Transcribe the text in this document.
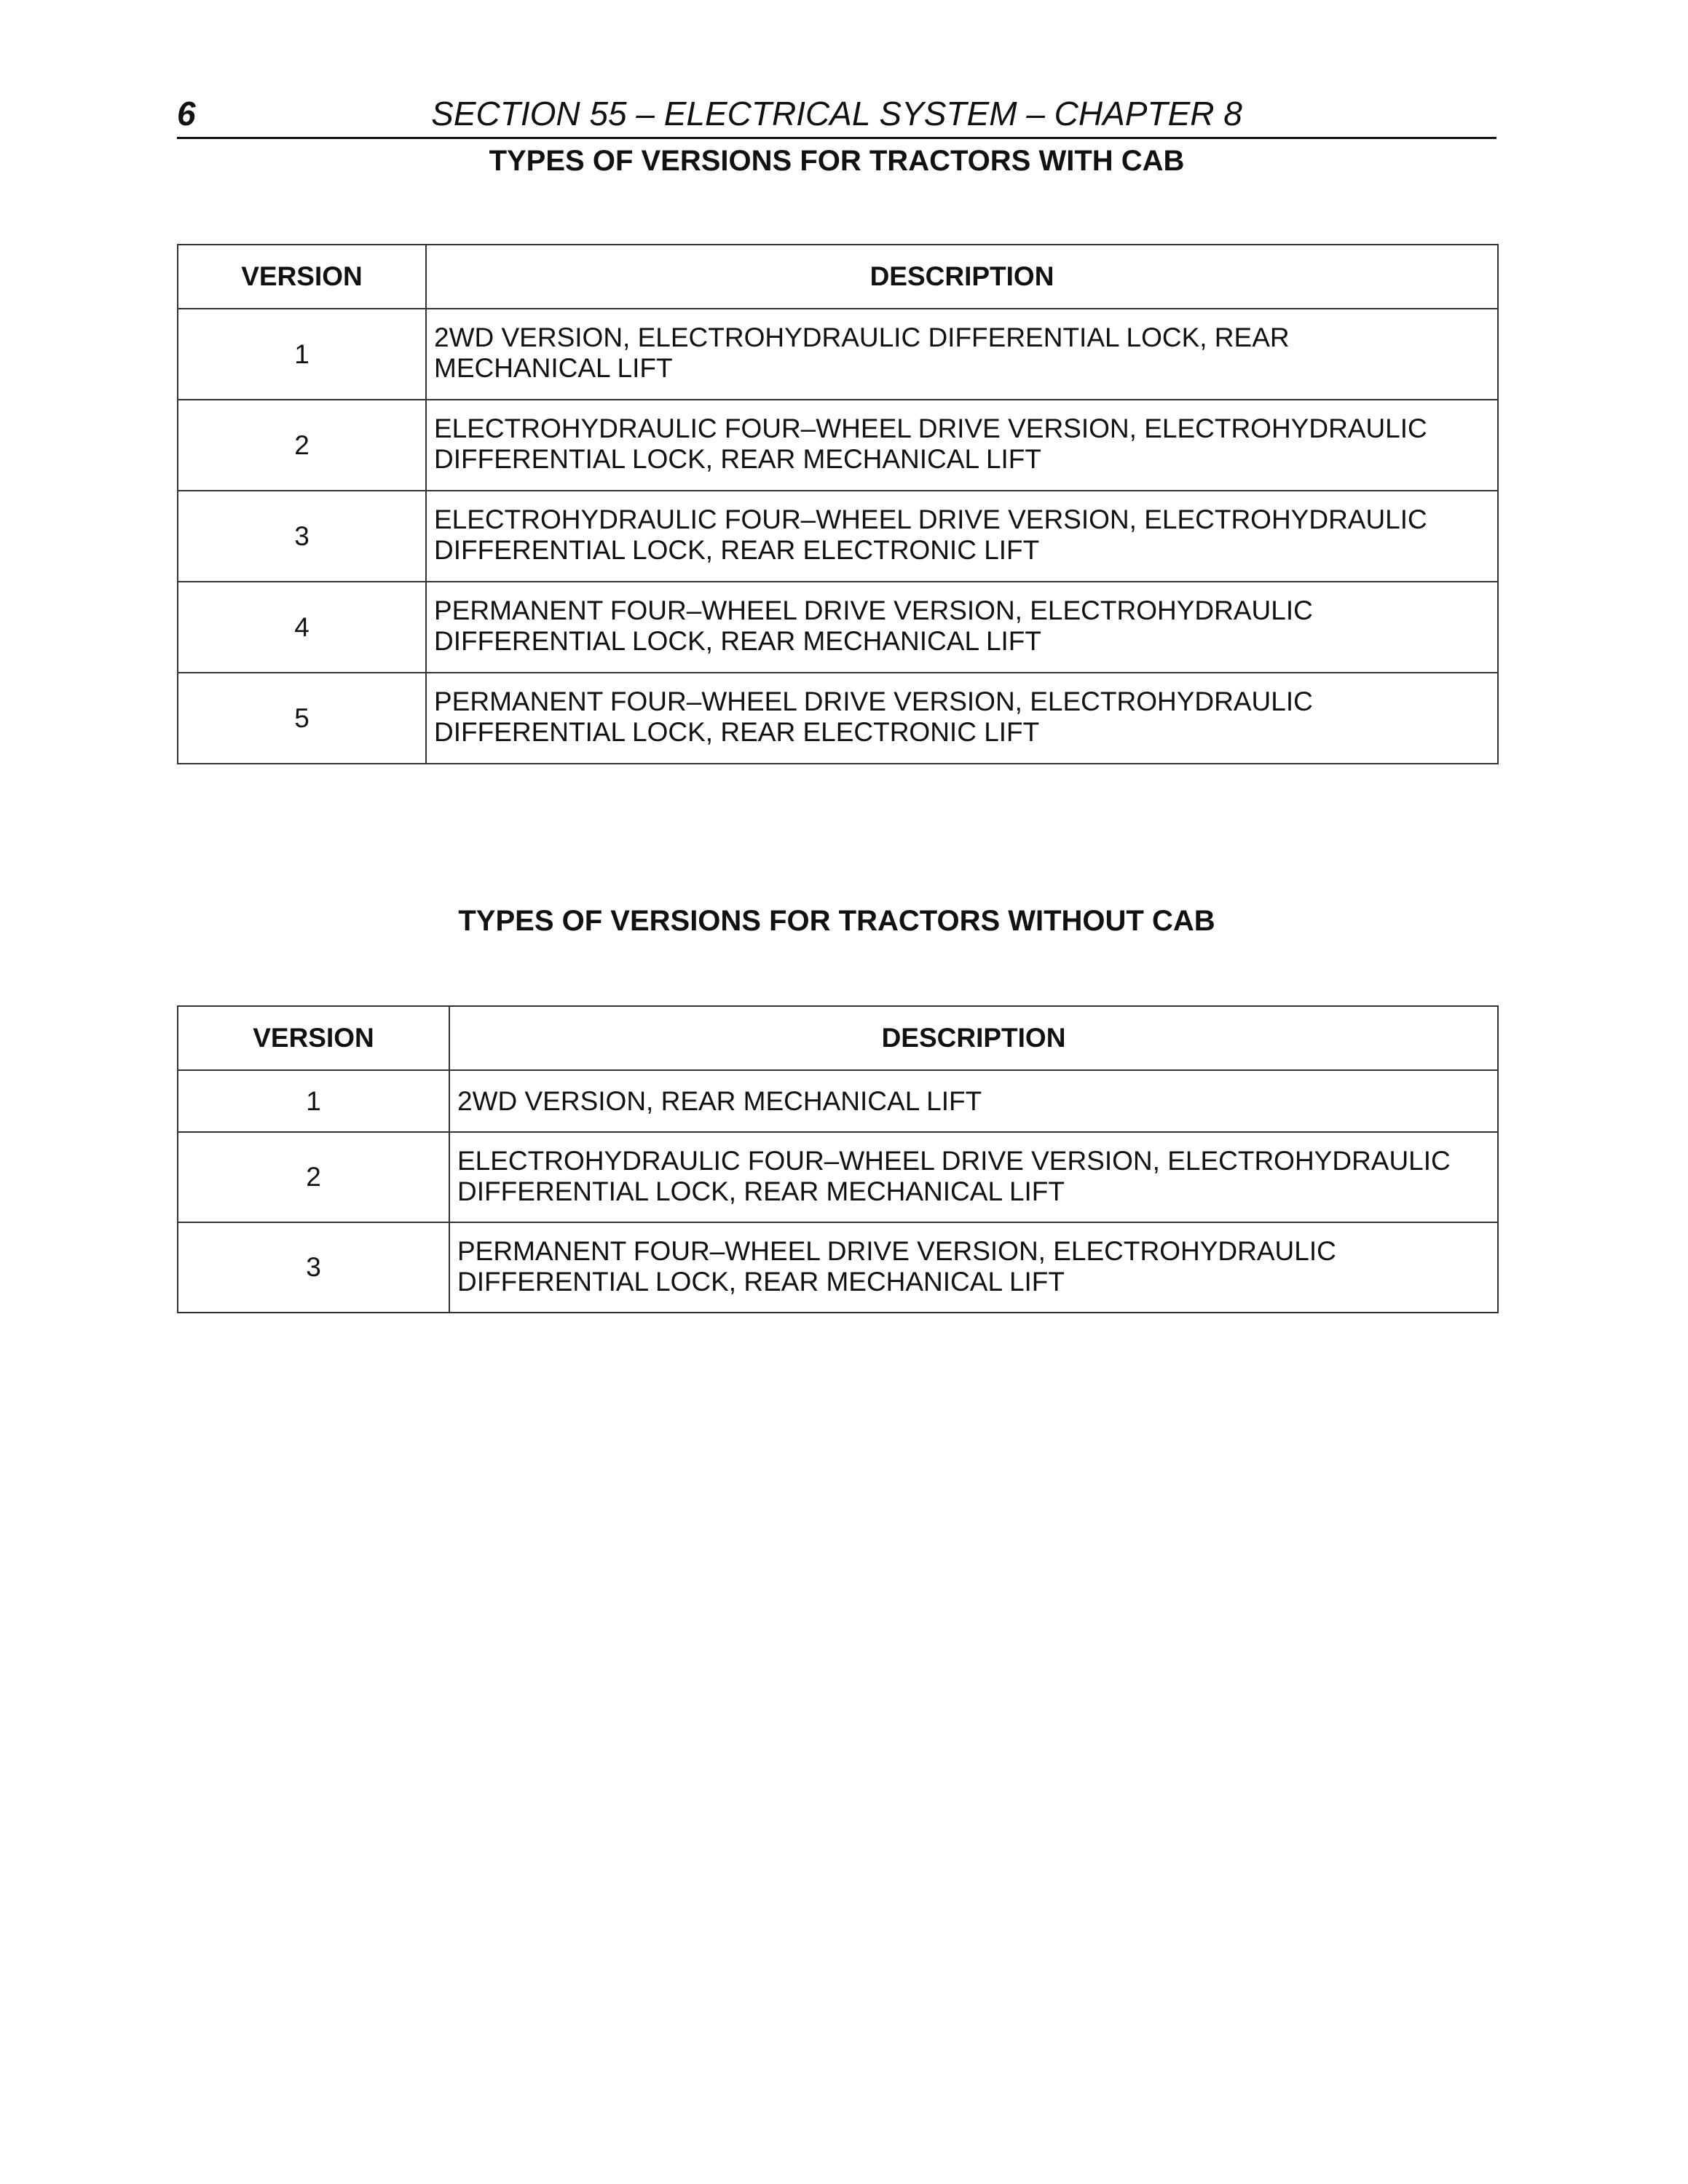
6	SECTION 55 – ELECTRICAL SYSTEM – CHAPTER 8
TYPES OF VERSIONS FOR TRACTORS WITH CAB
VERSION	DESCRIPTION
1	2WD VERSION, ELECTROHYDRAULIC DIFFERENTIAL LOCK, REAR
MECHANICAL LIFT

2	ELECTROHYDRAULIC FOUR–WHEEL DRIVE VERSION, ELECTROHYDRAULIC
DIFFERENTIAL LOCK, REAR MECHANICAL LIFT

3	ELECTROHYDRAULIC FOUR–WHEEL DRIVE VERSION, ELECTROHYDRAULIC
DIFFERENTIAL LOCK, REAR ELECTRONIC LIFT

4	PERMANENT FOUR–WHEEL DRIVE VERSION, ELECTROHYDRAULIC
DIFFERENTIAL LOCK, REAR MECHANICAL LIFT

5	PERMANENT FOUR–WHEEL DRIVE VERSION, ELECTROHYDRAULIC
DIFFERENTIAL LOCK, REAR ELECTRONIC LIFT
TYPES OF VERSIONS FOR TRACTORS WITHOUT CAB
VERSION	DESCRIPTION
1	2WD VERSION, REAR MECHANICAL LIFT

2	ELECTROHYDRAULIC FOUR–WHEEL DRIVE VERSION, ELECTROHYDRAULIC
DIFFERENTIAL LOCK, REAR MECHANICAL LIFT

3	PERMANENT FOUR–WHEEL DRIVE VERSION, ELECTROHYDRAULIC
DIFFERENTIAL LOCK, REAR MECHANICAL LIFT
